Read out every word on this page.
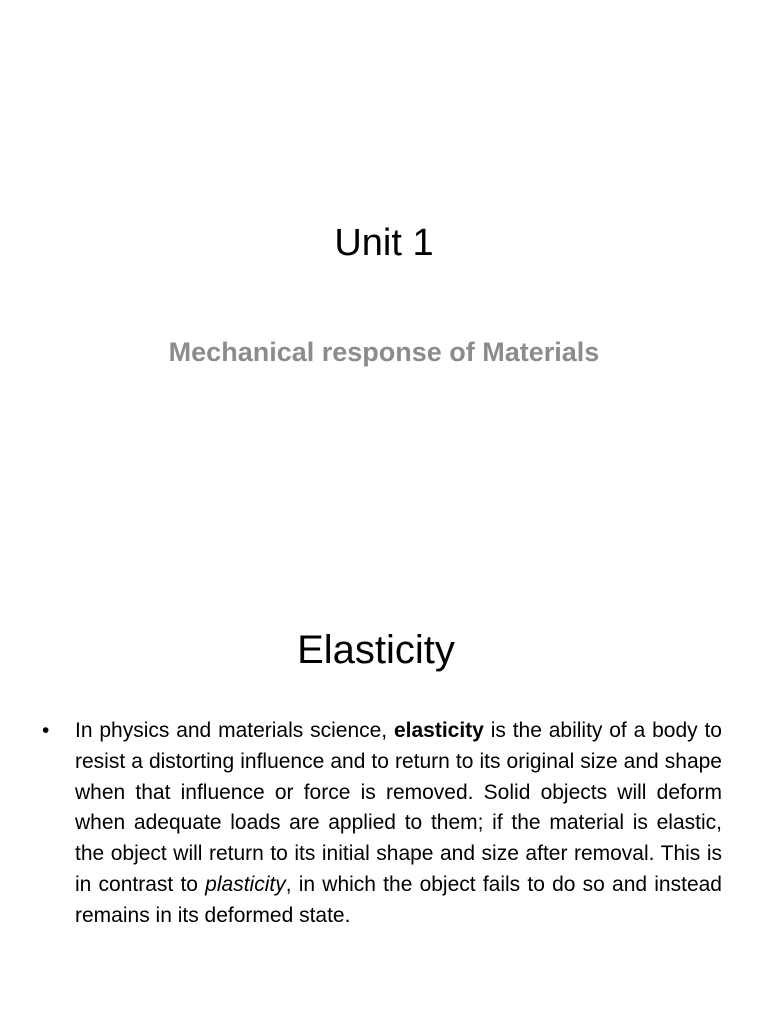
Unit 1
Mechanical response of Materials
Elasticity
• In physics and materials science, elasticity is the ability of a body to resist a distorting influence and to return to its original size and shape when that influence or force is removed. Solid objects will deform when adequate loads are applied to them; if the material is elastic, the object will return to its initial shape and size after removal. This is in contrast to plasticity, in which the object fails to do so and instead remains in its deformed state.
